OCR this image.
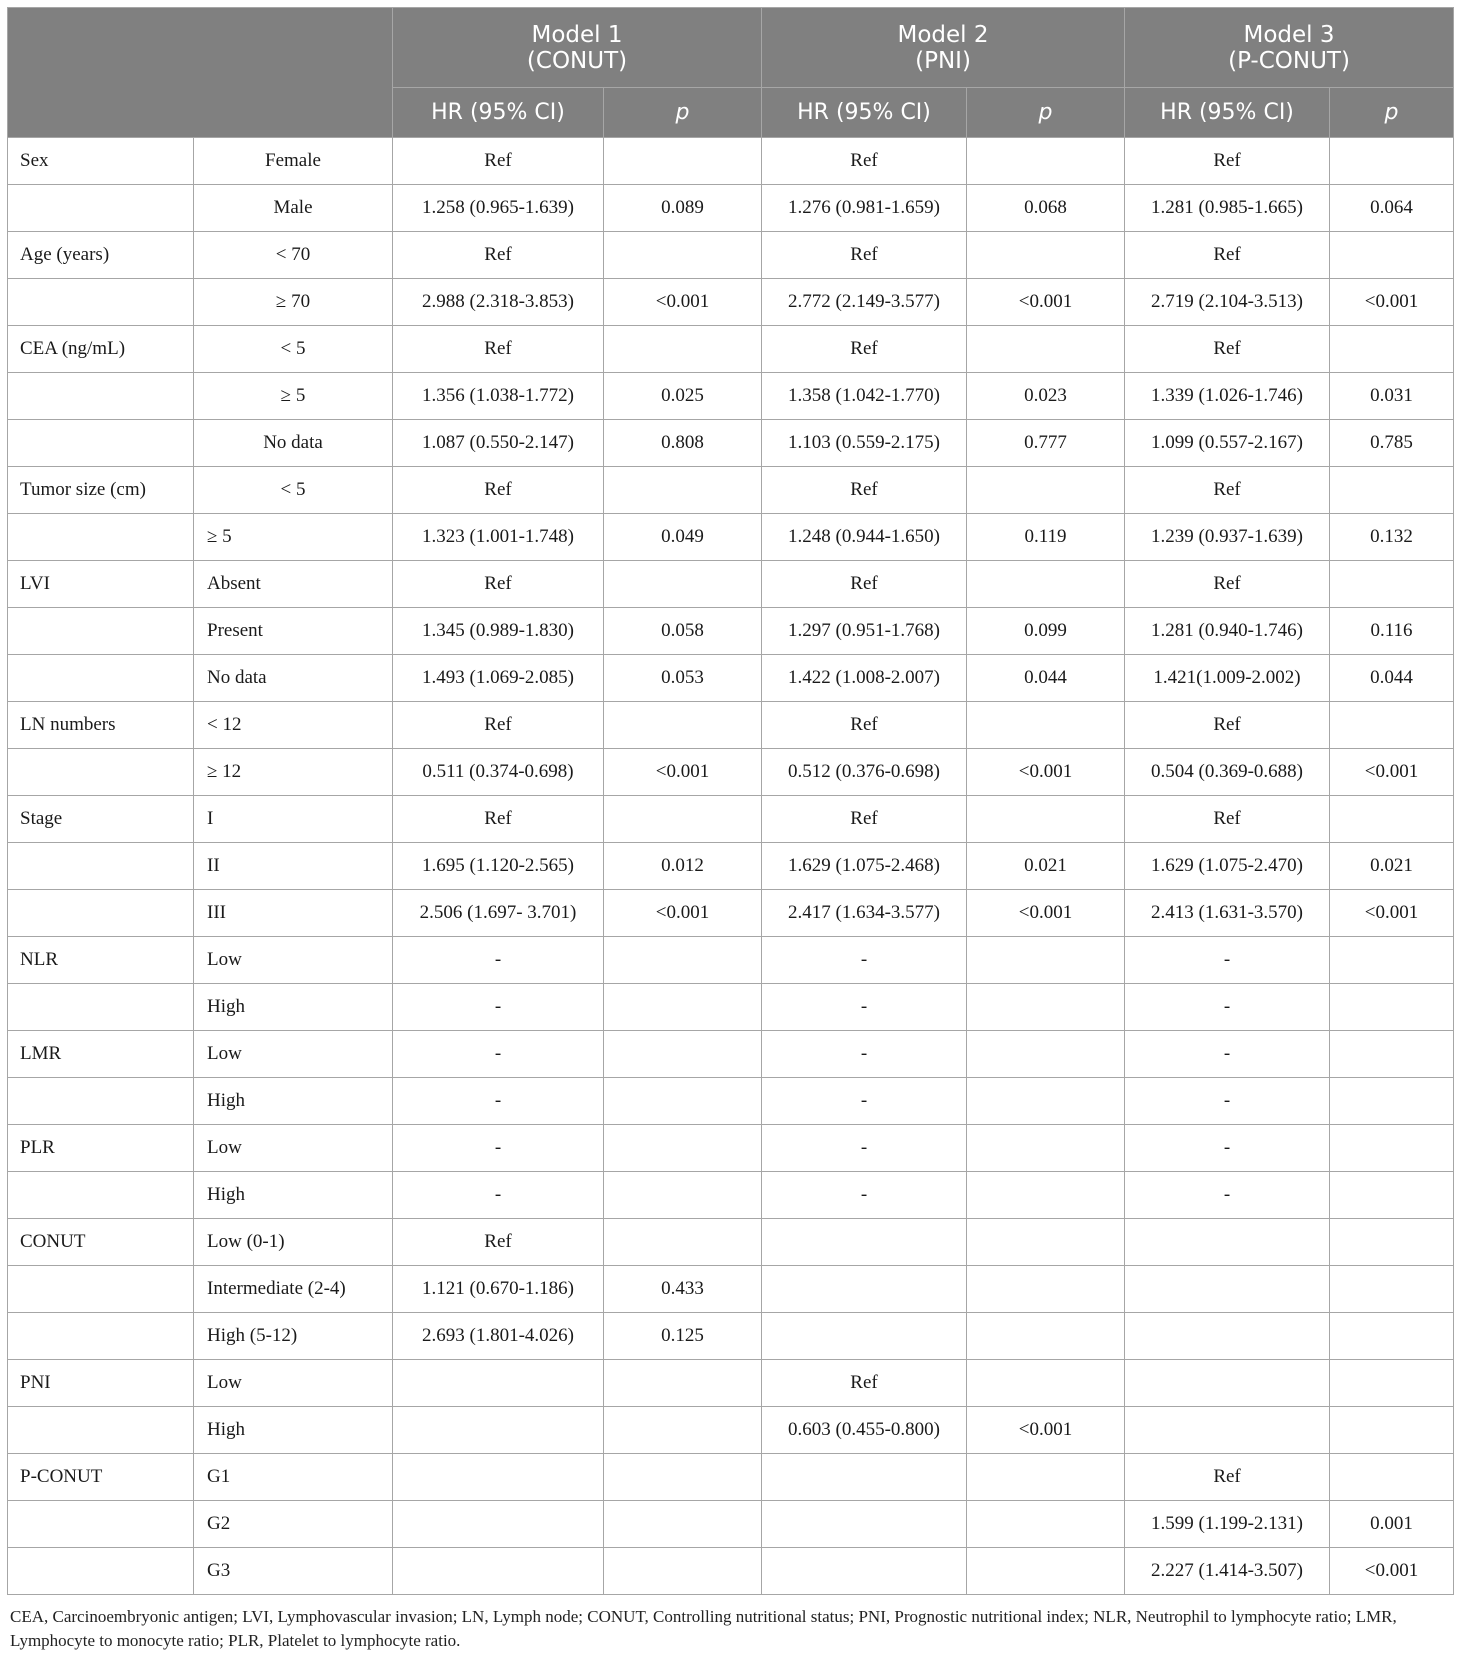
		Model 1
(CONUT)		Model 2
(PNI)		Model 3
(P-CONUT)	
		HR (95% CI)	p	HR (95% CI)	p	HR (95% CI)	p
Sex	Female	Ref		Ref		Ref	
	Male	1.258 (0.965-1.639)	0.089	1.276 (0.981-1.659)	0.068	1.281 (0.985-1.665)	0.064
Age (years)	< 70	Ref		Ref		Ref	
	≥ 70	2.988 (2.318-3.853)	<0.001	2.772 (2.149-3.577)	<0.001	2.719 (2.104-3.513)	<0.001
CEA (ng/mL)	< 5	Ref		Ref		Ref	
	≥ 5	1.356 (1.038-1.772)	0.025	1.358 (1.042-1.770)	0.023	1.339 (1.026-1.746)	0.031
	No data	1.087 (0.550-2.147)	0.808	1.103 (0.559-2.175)	0.777	1.099 (0.557-2.167)	0.785
Tumor size (cm)	< 5	Ref		Ref		Ref	
	≥ 5	1.323 (1.001-1.748)	0.049	1.248 (0.944-1.650)	0.119	1.239 (0.937-1.639)	0.132
LVI	Absent	Ref		Ref		Ref	
	Present	1.345 (0.989-1.830)	0.058	1.297 (0.951-1.768)	0.099	1.281 (0.940-1.746)	0.116
	No data	1.493 (1.069-2.085)	0.053	1.422 (1.008-2.007)	0.044	1.421(1.009-2.002)	0.044
LN numbers	< 12	Ref		Ref		Ref	
	≥ 12	0.511 (0.374-0.698)	<0.001	0.512 (0.376-0.698)	<0.001	0.504 (0.369-0.688)	<0.001
Stage	I	Ref		Ref		Ref	
	II	1.695 (1.120-2.565)	0.012	1.629 (1.075-2.468)	0.021	1.629 (1.075-2.470)	0.021
	III	2.506 (1.697- 3.701)	<0.001	2.417 (1.634-3.577)	<0.001	2.413 (1.631-3.570)	<0.001
NLR	Low	-		-		-	
	High	-		-		-	
LMR	Low	-		-		-	
	High	-		-		-	
PLR	Low	-		-		-	
	High	-		-		-	
CONUT	Low (0-1)	Ref					
	Intermediate (2-4)	1.121 (0.670-1.186)	0.433				
	High (5-12)	2.693 (1.801-4.026)	0.125				
PNI	Low			Ref			
	High			0.603 (0.455-0.800)	<0.001		
P-CONUT	G1					Ref	
	G2					1.599 (1.199-2.131)	0.001
	G3					2.227 (1.414-3.507)	<0.001
CEA, Carcinoembryonic antigen; LVI, Lymphovascular invasion; LN, Lymph node; CONUT, Controlling nutritional status; PNI, Prognostic nutritional index; NLR, Neutrophil to lymphocyte ratio; LMR, Lymphocyte to monocyte ratio; PLR, Platelet to lymphocyte ratio.
